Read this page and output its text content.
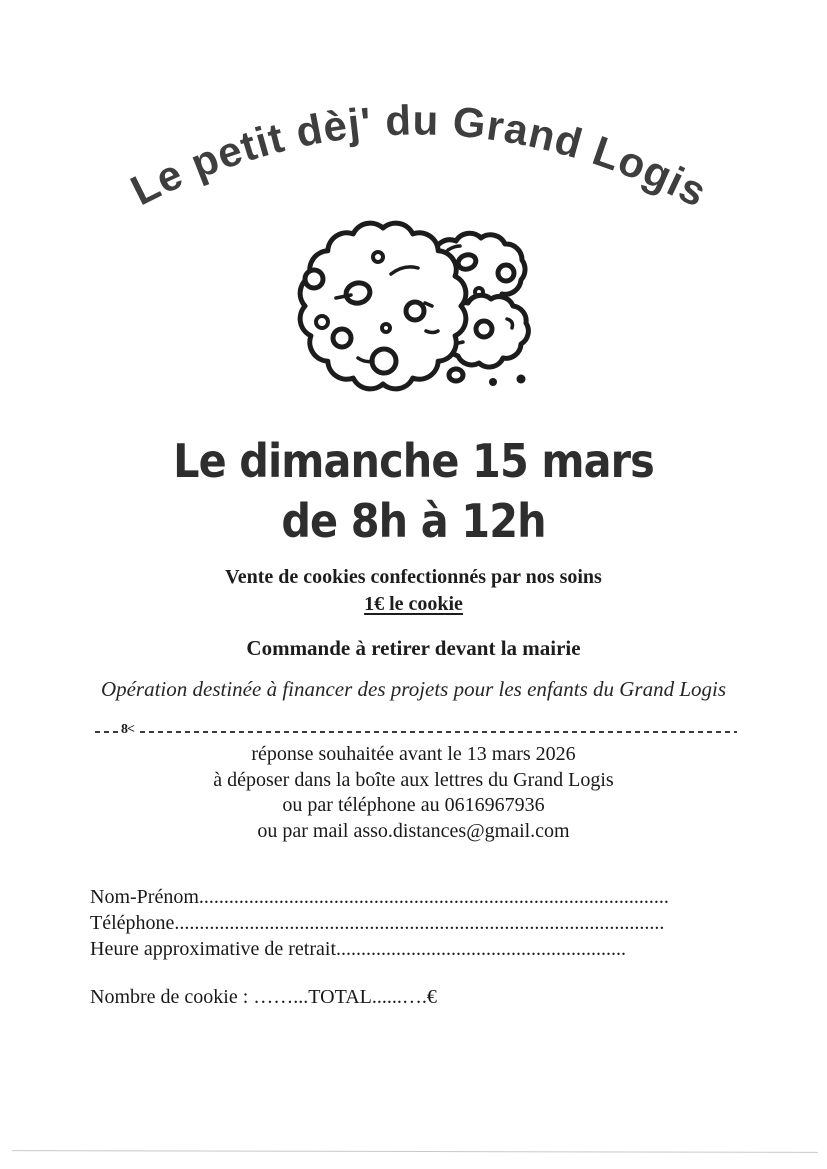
Le petit dèj' du Grand Logis
Le dimanche 15 mars
de 8h à 12h
Vente de cookies confectionnés par nos soins
1€ le cookie
Commande à retirer devant la mairie
Opération destinée à financer des projets pour les enfants du Grand Logis
8<
réponse souhaitée avant le 13 mars 2026
à déposer dans la boîte aux lettres du Grand Logis
ou par téléphone au 0616967936
ou par mail asso.distances@gmail.com
Nom-Prénom..............................................................................................
Téléphone..................................................................................................
Heure approximative de retrait..........................................................
Nombre de cookie : ……...TOTAL......….€
